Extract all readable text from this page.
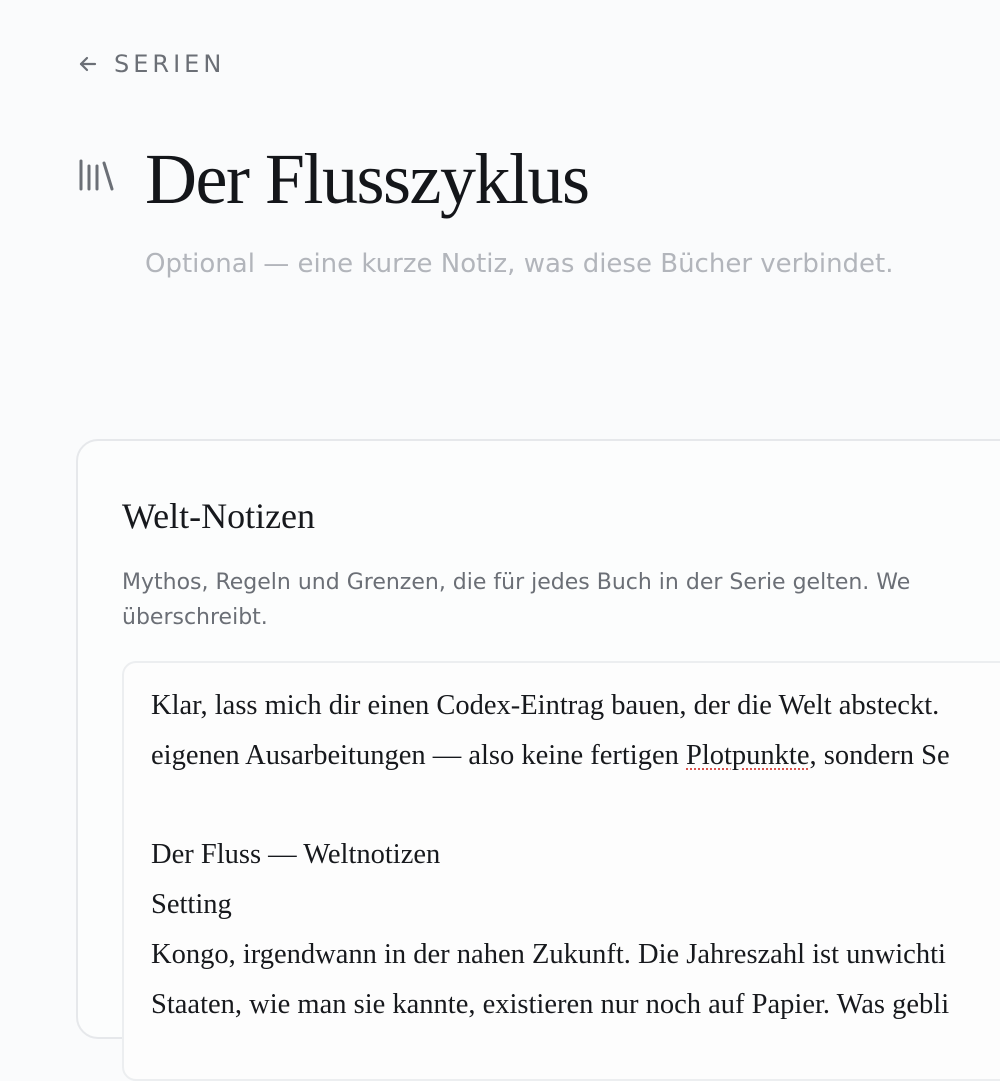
SERIEN
Der Flusszyklus

Optional — eine kurze Notiz, was diese Bücher verbindet.

Welt-Notizen

Mythos, Regeln und Grenzen, die für jedes Buch in der Serie gelten. We
überschreibt.

Klar, lass mich dir einen Codex-Eintrag bauen, der die Welt absteckt.
eigenen Ausarbeitungen — also keine fertigen Plotpunkte, sondern Se
Der Fluss — Weltnotizen
Setting
Kongo, irgendwann in der nahen Zukunft. Die Jahreszahl ist unwichti
Staaten, wie man sie kannte, existieren nur noch auf Papier. Was gebli
